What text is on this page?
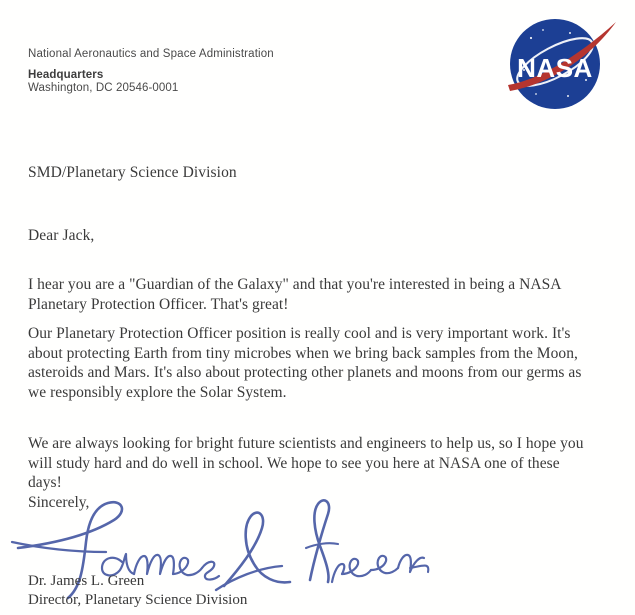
National Aeronautics and Space Administration
Headquarters
Washington, DC 20546-0001
NASA
SMD/Planetary Science Division
Dear Jack,
I hear you are a "Guardian of the Galaxy" and that you're interested in being a NASA Planetary Protection Officer. That's great!
Our Planetary Protection Officer position is really cool and is very important work. It's about protecting Earth from tiny microbes when we bring back samples from the Moon, asteroids and Mars. It's also about protecting other planets and moons from our germs as we responsibly explore the Solar System.
We are always looking for bright future scientists and engineers to help us, so I hope you will study hard and do well in school. We hope to see you here at NASA one of these days!
Sincerely,
Dr. James L. Green
Director, Planetary Science Division
